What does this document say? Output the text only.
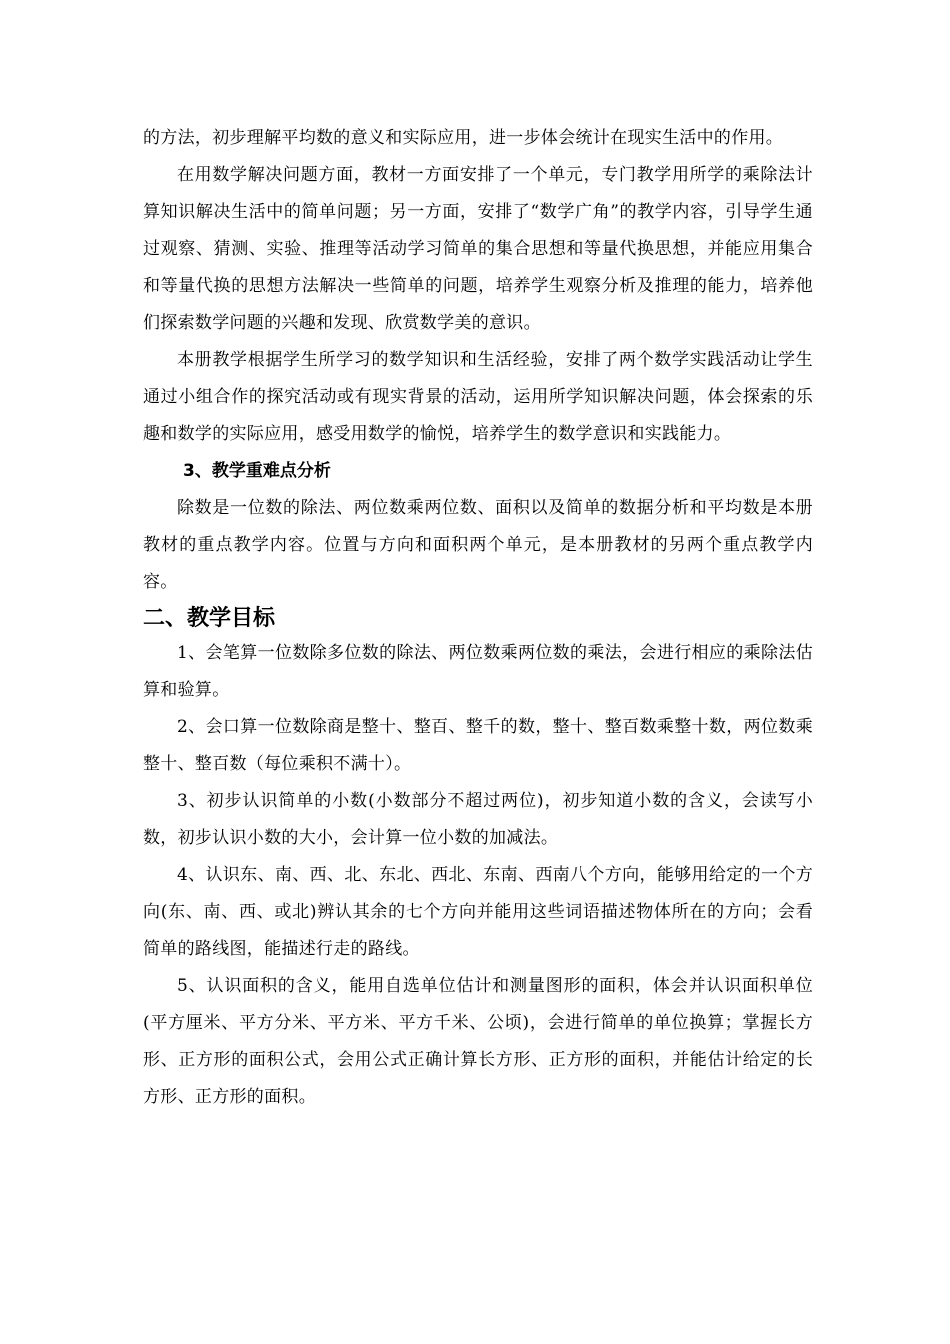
的方法，初步理解平均数的意义和实际应用，进一步体会统计在现实生活中的作用。

在用数学解决问题方面，教材一方面安排了一个单元，专门教学用所学的乘除法计算知识解决生活中的简单问题；另一方面，安排了“数学广角”的教学内容，引导学生通过观察、猜测、实验、推理等活动学习简单的集合思想和等量代换思想，并能应用集合和等量代换的思想方法解决一些简单的问题，培养学生观察分析及推理的能力，培养他们探索数学问题的兴趣和发现、欣赏数学美的意识。

本册教学根据学生所学习的数学知识和生活经验，安排了两个数学实践活动让学生通过小组合作的探究活动或有现实背景的活动，运用所学知识解决问题，体会探索的乐趣和数学的实际应用，感受用数学的愉悦，培养学生的数学意识和实践能力。

3、教学重难点分析

除数是一位数的除法、两位数乘两位数、面积以及简单的数据分析和平均数是本册教材的重点教学内容。位置与方向和面积两个单元，是本册教材的另两个重点教学内容。

二、教学目标

1、会笔算一位数除多位数的除法、两位数乘两位数的乘法，会进行相应的乘除法估算和验算。

2、会口算一位数除商是整十、整百、整千的数，整十、整百数乘整十数，两位数乘整十、整百数（每位乘积不满十）。

3、初步认识简单的小数(小数部分不超过两位)，初步知道小数的含义，会读写小数，初步认识小数的大小，会计算一位小数的加减法。

4、认识东、南、西、北、东北、西北、东南、西南八个方向，能够用给定的一个方向(东、南、西、或北)辨认其余的七个方向并能用这些词语描述物体所在的方向；会看简单的路线图，能描述行走的路线。

5、认识面积的含义，能用自选单位估计和测量图形的面积，体会并认识面积单位(平方厘米、平方分米、平方米、平方千米、公顷)，会进行简单的单位换算；掌握长方形、正方形的面积公式，会用公式正确计算长方形、正方形的面积，并能估计给定的长方形、正方形的面积。
